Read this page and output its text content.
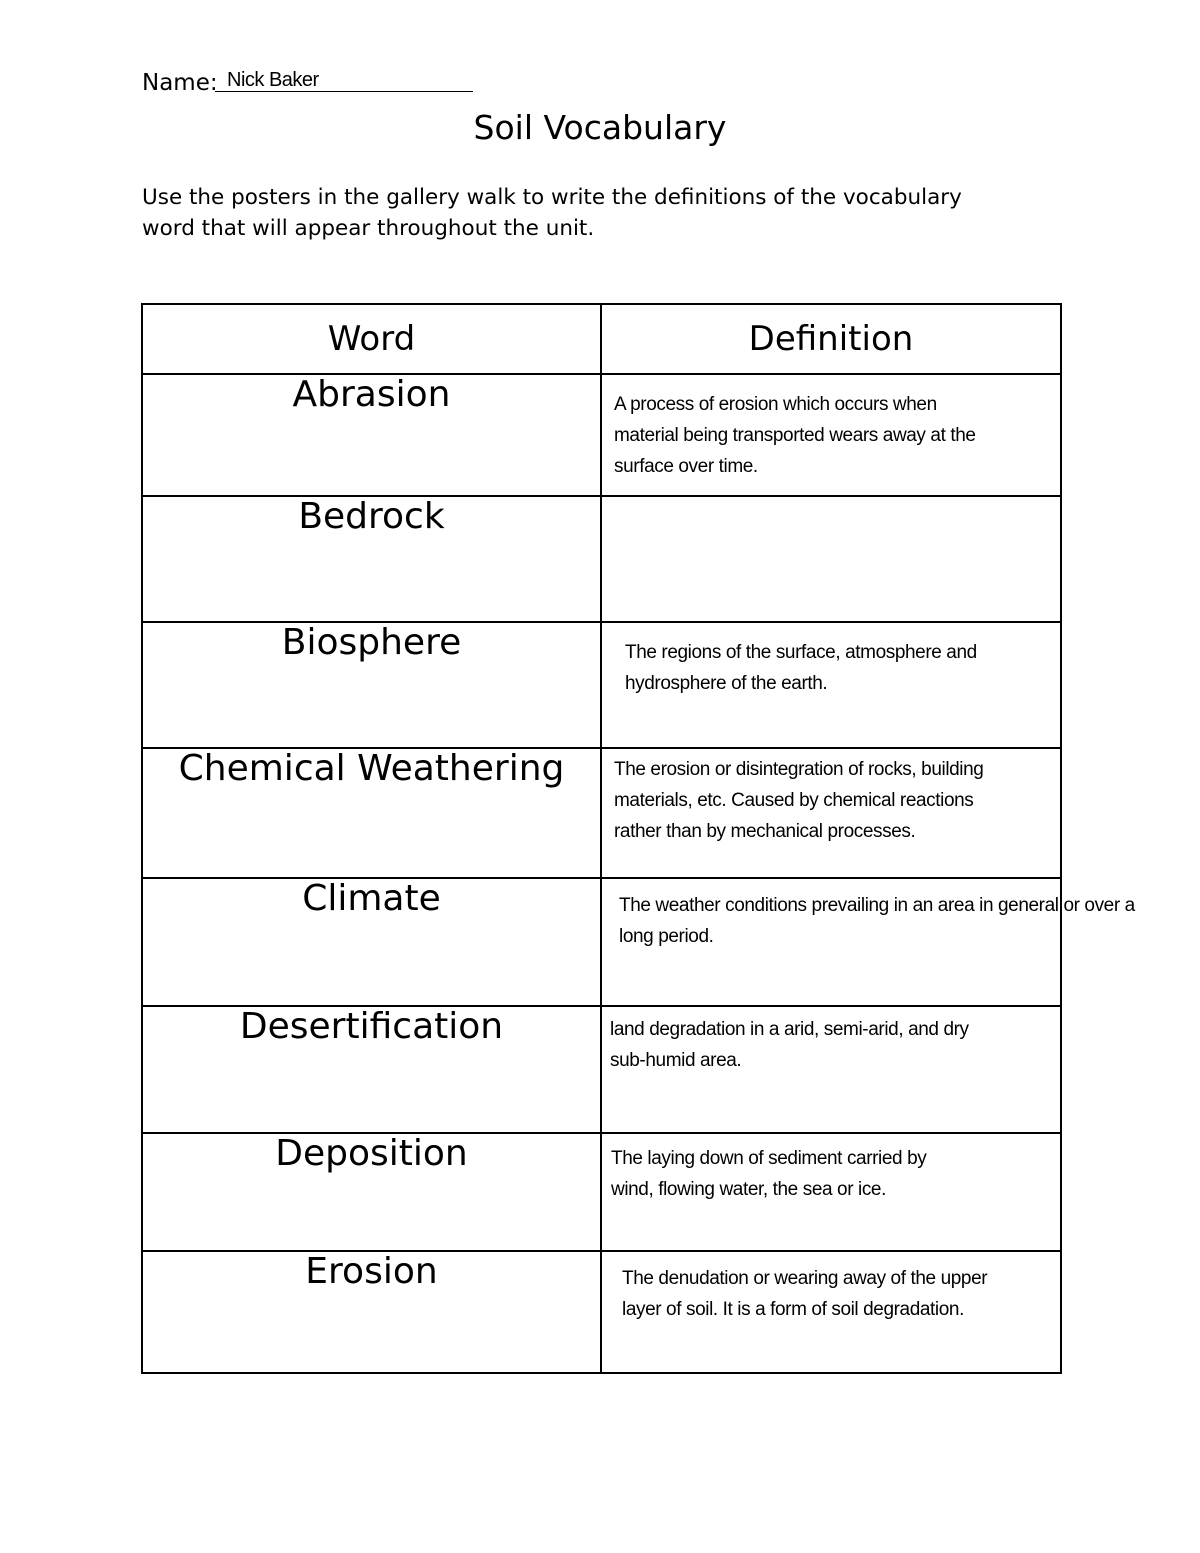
Name: Nick Baker
Soil Vocabulary
Use the posters in the gallery walk to write the definitions of the vocabulary word that will appear throughout the unit.
Word	Definition
Abrasion	A process of erosion which occurs when
material being transported wears away at the
surface over time.

Bedrock	

Biosphere	The regions of the surface, atmosphere and
hydrosphere of the earth.

Chemical Weathering	The erosion or disintegration of rocks, building
materials, etc. Caused by chemical reactions
rather than by mechanical processes.

Climate	The weather conditions prevailing in an area in general or over a
long period.

Desertification	land degradation in a arid, semi-arid, and dry
sub-humid area.

Deposition	The laying down of sediment carried by
wind, flowing water, the sea or ice.

Erosion	The denudation or wearing away of the upper
layer of soil. It is a form of soil degradation.
